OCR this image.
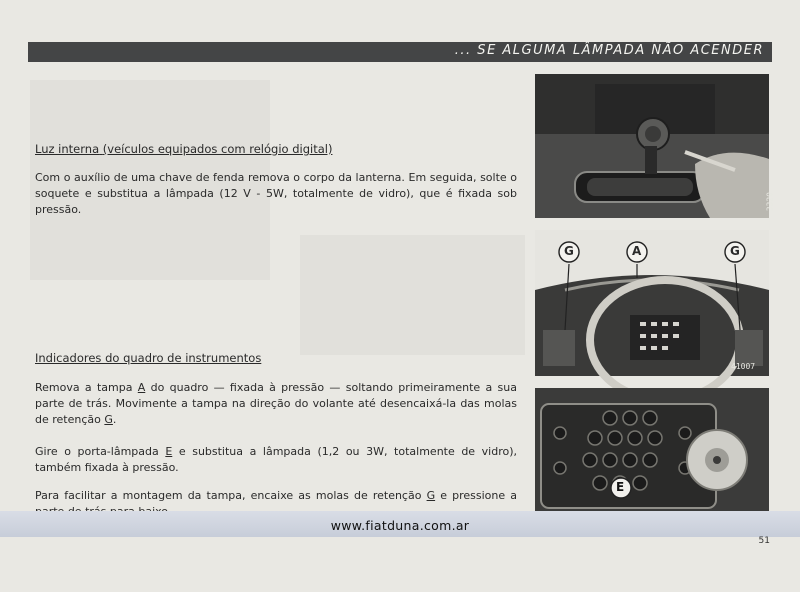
... SE ALGUMA LÂMPADA NÃO ACENDER
Luz interna (veículos equipados com relógio digital)
Com o auxílio de uma chave de fenda remova o corpo da lanterna. Em seguida, solte o soquete e substitua a lâmpada (12 V - 5W, totalmente de vidro), que é fixada sob pressão.
Indicadores do quadro de instrumentos
Remova a tampa A do quadro — fixada à pressão — soltando primeiramente a sua parte de trás. Movimente a tampa na direção do volante até desencaixá-la das molas de retenção G.
Gire o porta-lâmpada E e substitua a lâmpada (1,2 ou 3W, totalmente de vidro), também fixada à pressão.
Para facilitar a montagem da tampa, encaixe as molas de retenção G e pressione a
3320
G	A	G
41007
E
www.fiatduna.com.ar
51
